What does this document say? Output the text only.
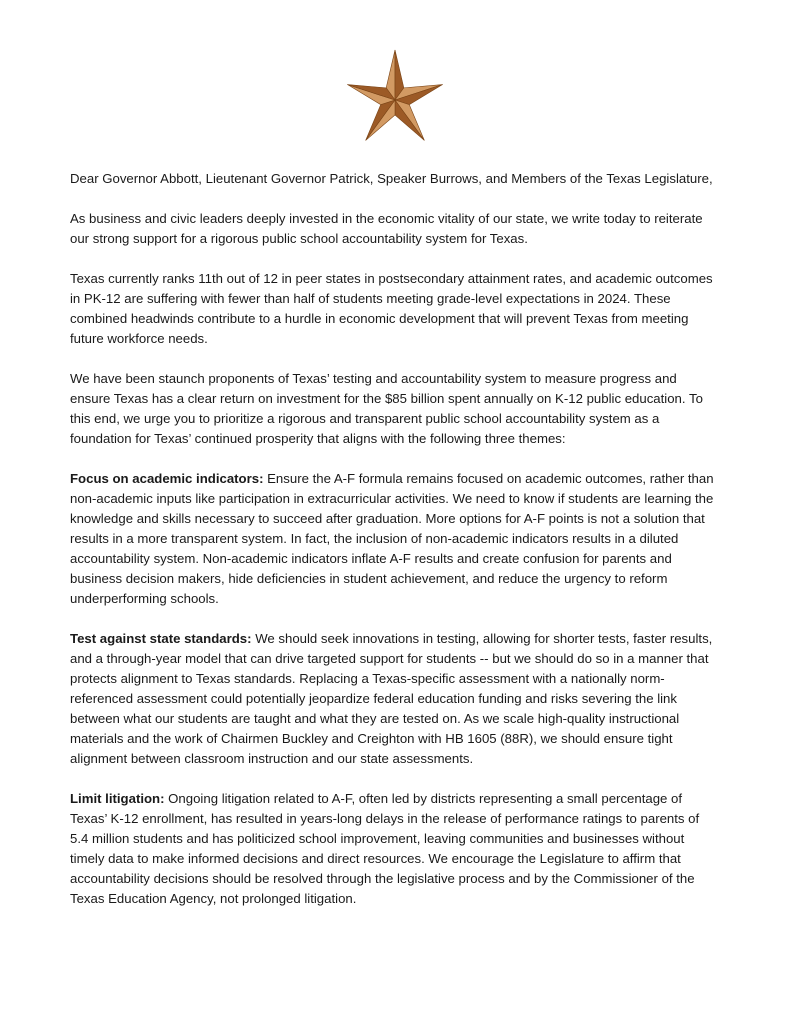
Dear Governor Abbott, Lieutenant Governor Patrick, Speaker Burrows, and Members of the Texas Legislature,

As business and civic leaders deeply invested in the economic vitality of our state, we write today to reiterate our strong support for a rigorous public school accountability system for Texas.

Texas currently ranks 11th out of 12 in peer states in postsecondary attainment rates, and academic outcomes in PK-12 are suffering with fewer than half of students meeting grade-level expectations in 2024. These combined headwinds contribute to a hurdle in economic development that will prevent Texas from meeting future workforce needs.

We have been staunch proponents of Texas’ testing and accountability system to measure progress and ensure Texas has a clear return on investment for the $85 billion spent annually on K-12 public education. To this end, we urge you to prioritize a rigorous and transparent public school accountability system as a foundation for Texas’ continued prosperity that aligns with the following three themes:

Focus on academic indicators: Ensure the A-F formula remains focused on academic outcomes, rather than non-academic inputs like participation in extracurricular activities. We need to know if students are learning the knowledge and skills necessary to succeed after graduation. More options for A-F points is not a solution that results in a more transparent system. In fact, the inclusion of non-academic indicators results in a diluted accountability system. Non-academic indicators inflate A-F results and create confusion for parents and business decision makers, hide deficiencies in student achievement, and reduce the urgency to reform underperforming schools.

Test against state standards: We should seek innovations in testing, allowing for shorter tests, faster results, and a through-year model that can drive targeted support for students -- but we should do so in a manner that protects alignment to Texas standards. Replacing a Texas-specific assessment with a nationally norm-referenced assessment could potentially jeopardize federal education funding and risks severing the link between what our students are taught and what they are tested on. As we scale high-quality instructional materials and the work of Chairmen Buckley and Creighton with HB 1605 (88R), we should ensure tight alignment between classroom instruction and our state assessments.

Limit litigation: Ongoing litigation related to A-F, often led by districts representing a small percentage of Texas’ K-12 enrollment, has resulted in years-long delays in the release of performance ratings to parents of 5.4 million students and has politicized school improvement, leaving communities and businesses without timely data to make informed decisions and direct resources. We encourage the Legislature to affirm that accountability decisions should be resolved through the legislative process and by the Commissioner of the Texas Education Agency, not prolonged litigation.
